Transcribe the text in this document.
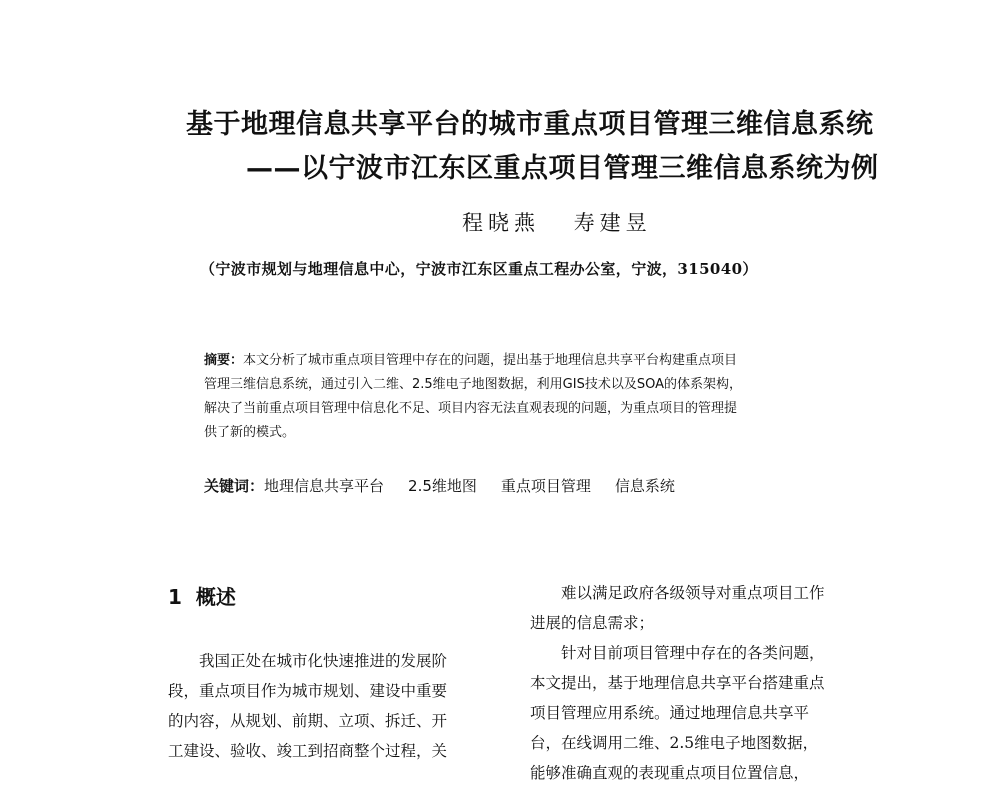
基于地理信息共享平台的城市重点项目管理三维信息系统
——以宁波市江东区重点项目管理三维信息系统为例
程晓燕 寿建昱
（宁波市规划与地理信息中心，宁波市江东区重点工程办公室，宁波，315040）
摘要：本文分析了城市重点项目管理中存在的问题，提出基于地理信息共享平台构建重点项目
管理三维信息系统，通过引入二维、2.5维电子地图数据，利用GIS技术以及SOA的体系架构，
解决了当前重点项目管理中信息化不足、项目内容无法直观表现的问题，为重点项目的管理提
供了新的模式。
关键词：地理信息共享平台 2.5维地图 重点项目管理 信息系统
1 概述
　　我国正处在城市化快速推进的发展阶
段，重点项目作为城市规划、建设中重要
的内容，从规划、前期、立项、拆迁、开
工建设、验收、竣工到招商整个过程，关
　　难以满足政府各级领导对重点项目工作
进展的信息需求；
　　针对目前项目管理中存在的各类问题，
本文提出，基于地理信息共享平台搭建重点
项目管理应用系统。通过地理信息共享平
台，在线调用二维、2.5维电子地图数据，
能够准确直观的表现重点项目位置信息，
